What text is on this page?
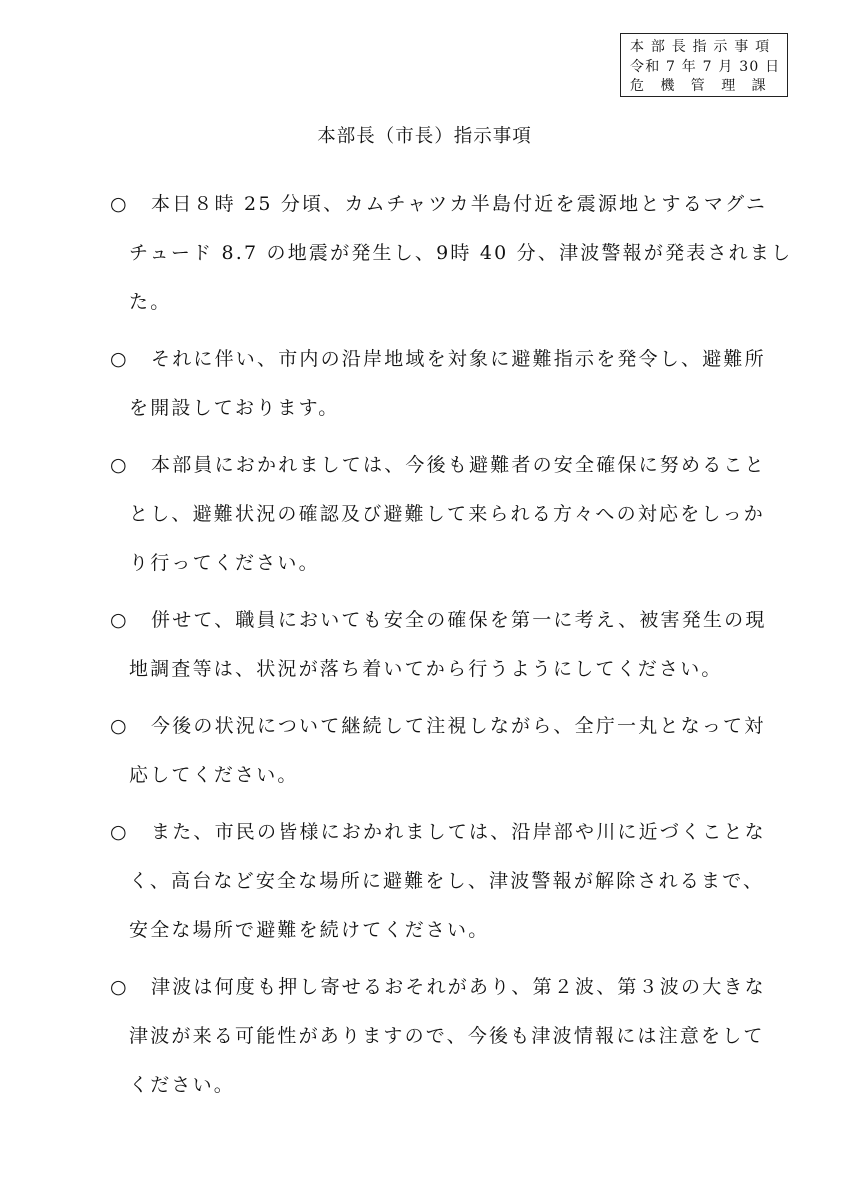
本 部 長 指 示 事 項
令和 7 年 7 月 30 日
危　機　管　理　課
本部長（市長）指示事項
○	本日８時 25 分頃、カムチャツカ半島付近を震源地とするマグニ
チュード 8.7 の地震が発生し、9時 40 分、津波警報が発表されまし
た。
○	それに伴い、市内の沿岸地域を対象に避難指示を発令し、避難所
を開設しております。
○	本部員におかれましては、今後も避難者の安全確保に努めること
とし、避難状況の確認及び避難して来られる方々への対応をしっか
り行ってください。
○	併せて、職員においても安全の確保を第一に考え、被害発生の現
地調査等は、状況が落ち着いてから行うようにしてください。
○	今後の状況について継続して注視しながら、全庁一丸となって対
応してください。
○	また、市民の皆様におかれましては、沿岸部や川に近づくことな
く、高台など安全な場所に避難をし、津波警報が解除されるまで、
安全な場所で避難を続けてください。
○	津波は何度も押し寄せるおそれがあり、第２波、第３波の大きな
津波が来る可能性がありますので、今後も津波情報には注意をして
ください。
